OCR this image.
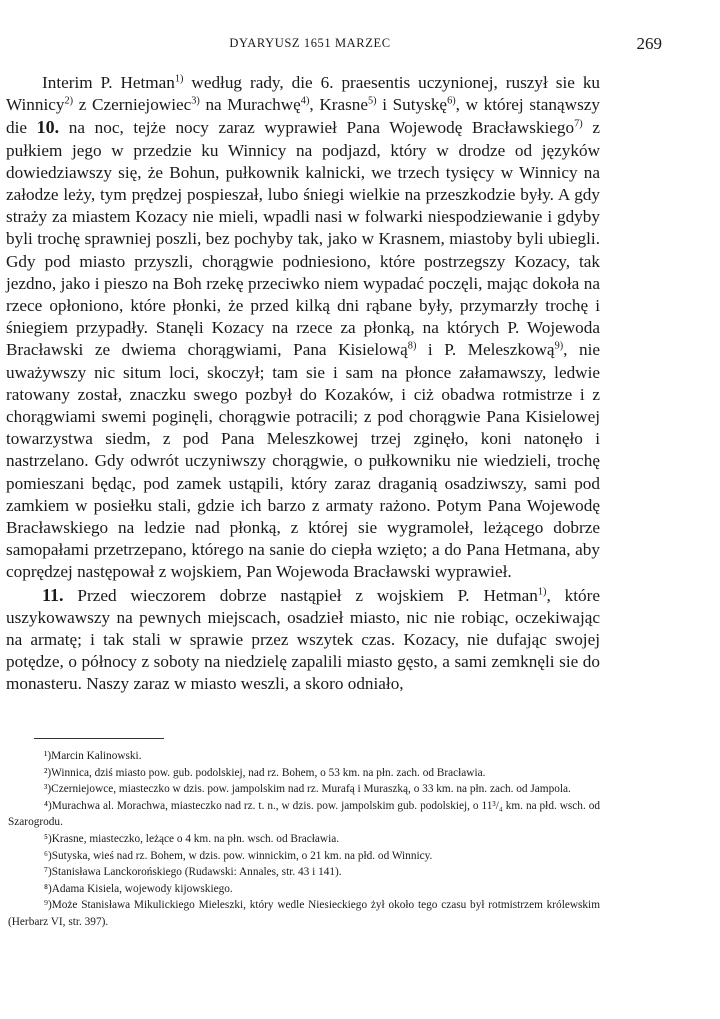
DYARYUSZ 1651 MARZEC	269

Interim P. Hetman$^{1)}$ według rady, die 6. praesentis uczynionej, ruszył sie ku Winnicy$^{2)}$ z Czerniejowiec$^{3)}$ na Murachwę$^{4)}$, Krasne$^{5)}$ i Sutyskę$^{6)}$, w której stanąwszy die 10. na noc, tejże nocy zaraz wyprawieł Pana Wojewodę Bracławskiego$^{7)}$ z pułkiem jego w przedzie ku Winnicy na podjazd, który w drodze od języków dowiedziawszy się, że Bohun, pułkownik kalnicki, we trzech tysięcy w Winnicy na załodze leży, tym prędzej pospieszał, lubo śniegi wielkie na przeszkodzie były. A gdy straży za miastem Kozacy nie mieli, wpadli nasi w folwarki niespodziewanie i gdyby byli trochę sprawniej poszli, bez pochyby tak, jako w Krasnem, miastoby byli ubiegli. Gdy pod miasto przyszli, chorągwie podniesiono, które postrzegszy Kozacy, tak jezdno, jako i pieszo na Boh rzekę przeciwko niem wypadać poczęli, mając dokoła na rzece opłoniono, które płonki, że przed kilką dni rąbane były, przymarzły trochę i śniegiem przypadły. Stanęli Kozacy na rzece za płonką, na których P. Wojewoda Bracławski ze dwiema chorągwiami, Pana Kisielową$^{8)}$ i P. Meleszkową$^{9)}$, nie uważywszy nic situm loci, skoczył; tam sie i sam na płonce załamawszy, ledwie ratowany został, znaczku swego pozbył do Kozaków, i ciż obadwa rotmistrze i z chorągwiami swemi poginęli, chorągwie potracili; z pod chorągwie Pana Kisielowej towarzystwa siedm, z pod Pana Meleszkowej trzej zginęło, koni natonęło i nastrzelano. Gdy odwrót uczyniwszy chorągwie, o pułkowniku nie wiedzieli, trochę pomieszani będąc, pod zamek ustąpili, który zaraz draganią osadziwszy, sami pod zamkiem w posiełku stali, gdzie ich barzo z armaty rażono. Potym Pana Wojewodę Bracławskiego na ledzie nad płonką, z której sie wygramoleł, leżącego dobrze samopałami przetrzepano, którego na sanie do ciepła wzięto; a do Pana Hetmana, aby coprędzej następował z wojskiem, Pan Wojewoda Bracławski wyprawieł.

11. Przed wieczorem dobrze nastąpieł z wojskiem P. Hetman$^{1)}$, które uszykowawszy na pewnych miejscach, osadzieł miasto, nic nie robiąc, oczekiwając na armatę; i tak stali w sprawie przez wszytek czas. Kozacy, nie dufając swojej potędze, o północy z soboty na niedzielę zapalili miasto gęsto, a sami zemknęli sie do monasteru. Naszy zaraz w miasto weszli, a skoro odniało,

¹)Marcin Kalinowski.

²)Winnica, dziś miasto pow. gub. podolskiej, nad rz. Bohem, o 53 km. na płn. zach. od Bracławia.

³)Czerniejowce, miasteczko w dzis. pow. jampolskim nad rz. Murafą i Muraszką, o 33 km. na płn. zach. od Jampola.

⁴)Murachwa al. Morachwa, miasteczko nad rz. t. n., w dzis. pow. jampolskim gub. podolskiej, o 11³/₄ km. na płd. wsch. od Szarogrodu.

⁵)Krasne, miasteczko, leżące o 4 km. na płn. wsch. od Bracławia.

⁶)Sutyska, wieś nad rz. Bohem, w dzis. pow. winnickim, o 21 km. na płd. od Winnicy.

⁷)Stanisława Lanckorońskiego (Rudawski: Annales, str. 43 i 141).

⁸)Adama Kisiela, wojewody kijowskiego.

⁹)Może Stanisława Mikulickiego Mieleszki, który wedle Niesieckiego żył około tego czasu był rotmistrzem królewskim (Herbarz VI, str. 397).
